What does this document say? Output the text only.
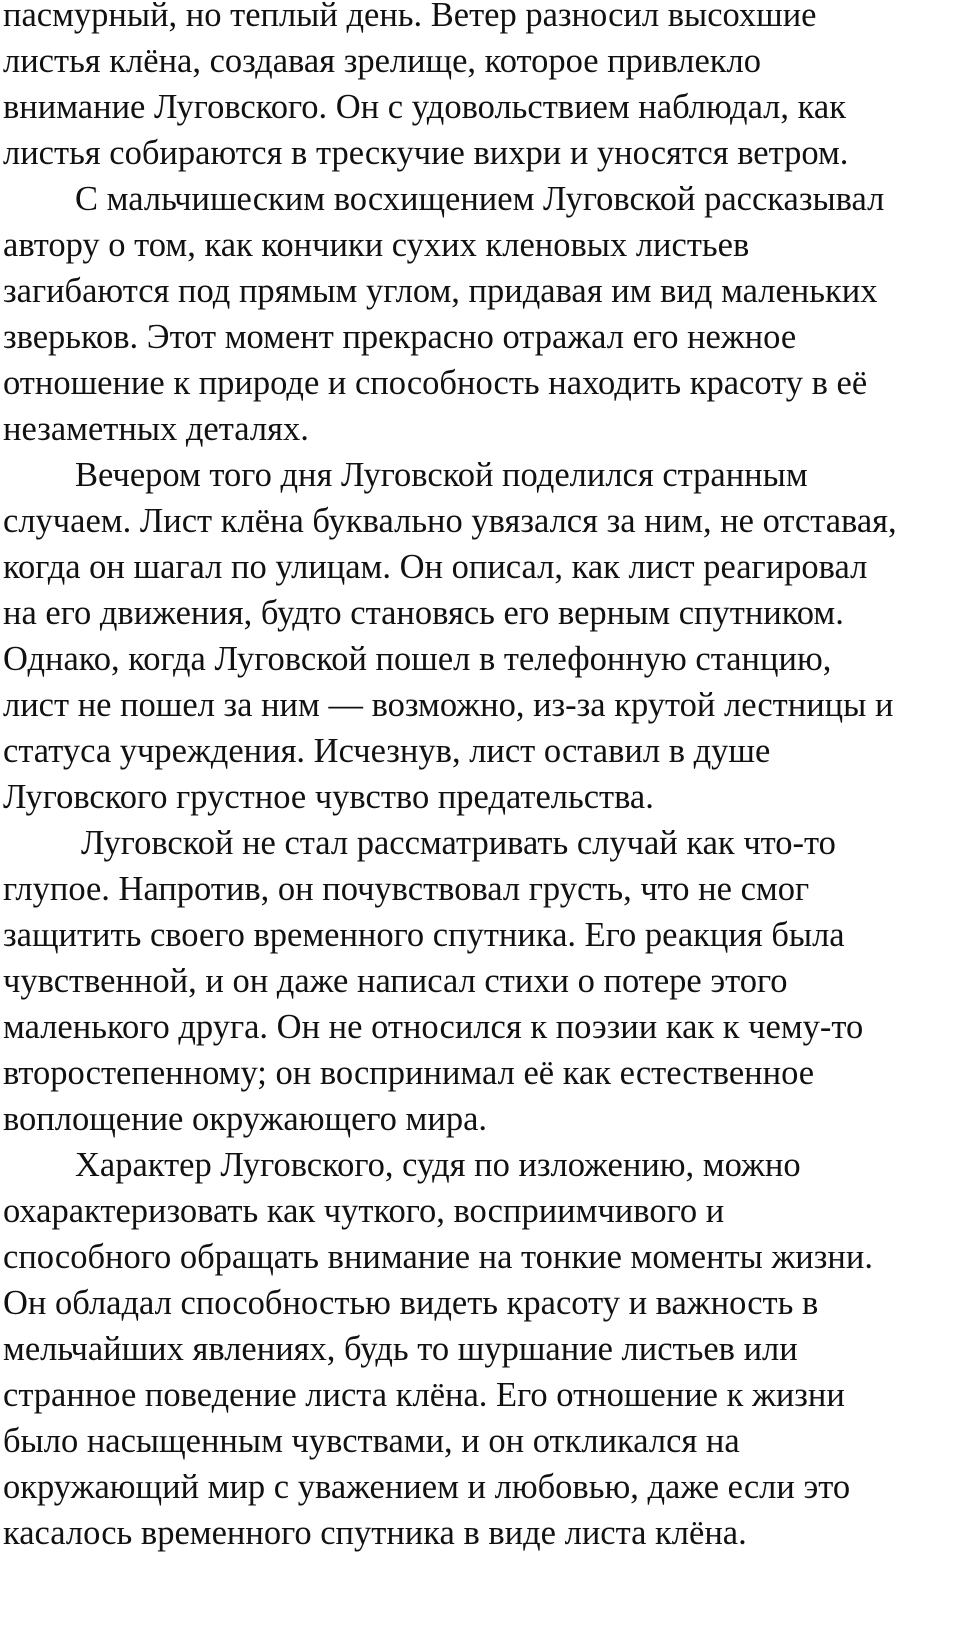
пасмурный, но теплый день. Ветер разносил высохшие
листья клёна, создавая зрелище, которое привлекло
внимание Луговского. Он с удовольствием наблюдал, как
листья собираются в трескучие вихри и уносятся ветром.
С мальчишеским восхищением Луговской рассказывал
автору о том, как кончики сухих кленовых листьев
загибаются под прямым углом, придавая им вид маленьких
зверьков. Этот момент прекрасно отражал его нежное
отношение к природе и способность находить красоту в её
незаметных деталях.
Вечером того дня Луговской поделился странным
случаем. Лист клёна буквально увязался за ним, не отставая,
когда он шагал по улицам. Он описал, как лист реагировал
на его движения, будто становясь его верным спутником.
Однако, когда Луговской пошел в телефонную станцию,
лист не пошел за ним — возможно, из-за крутой лестницы и
статуса учреждения. Исчезнув, лист оставил в душе
Луговского грустное чувство предательства.
Луговской не стал рассматривать случай как что-то
глупое. Напротив, он почувствовал грусть, что не смог
защитить своего временного спутника. Его реакция была
чувственной, и он даже написал стихи о потере этого
маленького друга. Он не относился к поэзии как к чему-то
второстепенному; он воспринимал её как естественное
воплощение окружающего мира.
Характер Луговского, судя по изложению, можно
охарактеризовать как чуткого, восприимчивого и
способного обращать внимание на тонкие моменты жизни.
Он обладал способностью видеть красоту и важность в
мельчайших явлениях, будь то шуршание листьев или
странное поведение листа клёна. Его отношение к жизни
было насыщенным чувствами, и он откликался на
окружающий мир с уважением и любовью, даже если это
касалось временного спутника в виде листа клёна.
